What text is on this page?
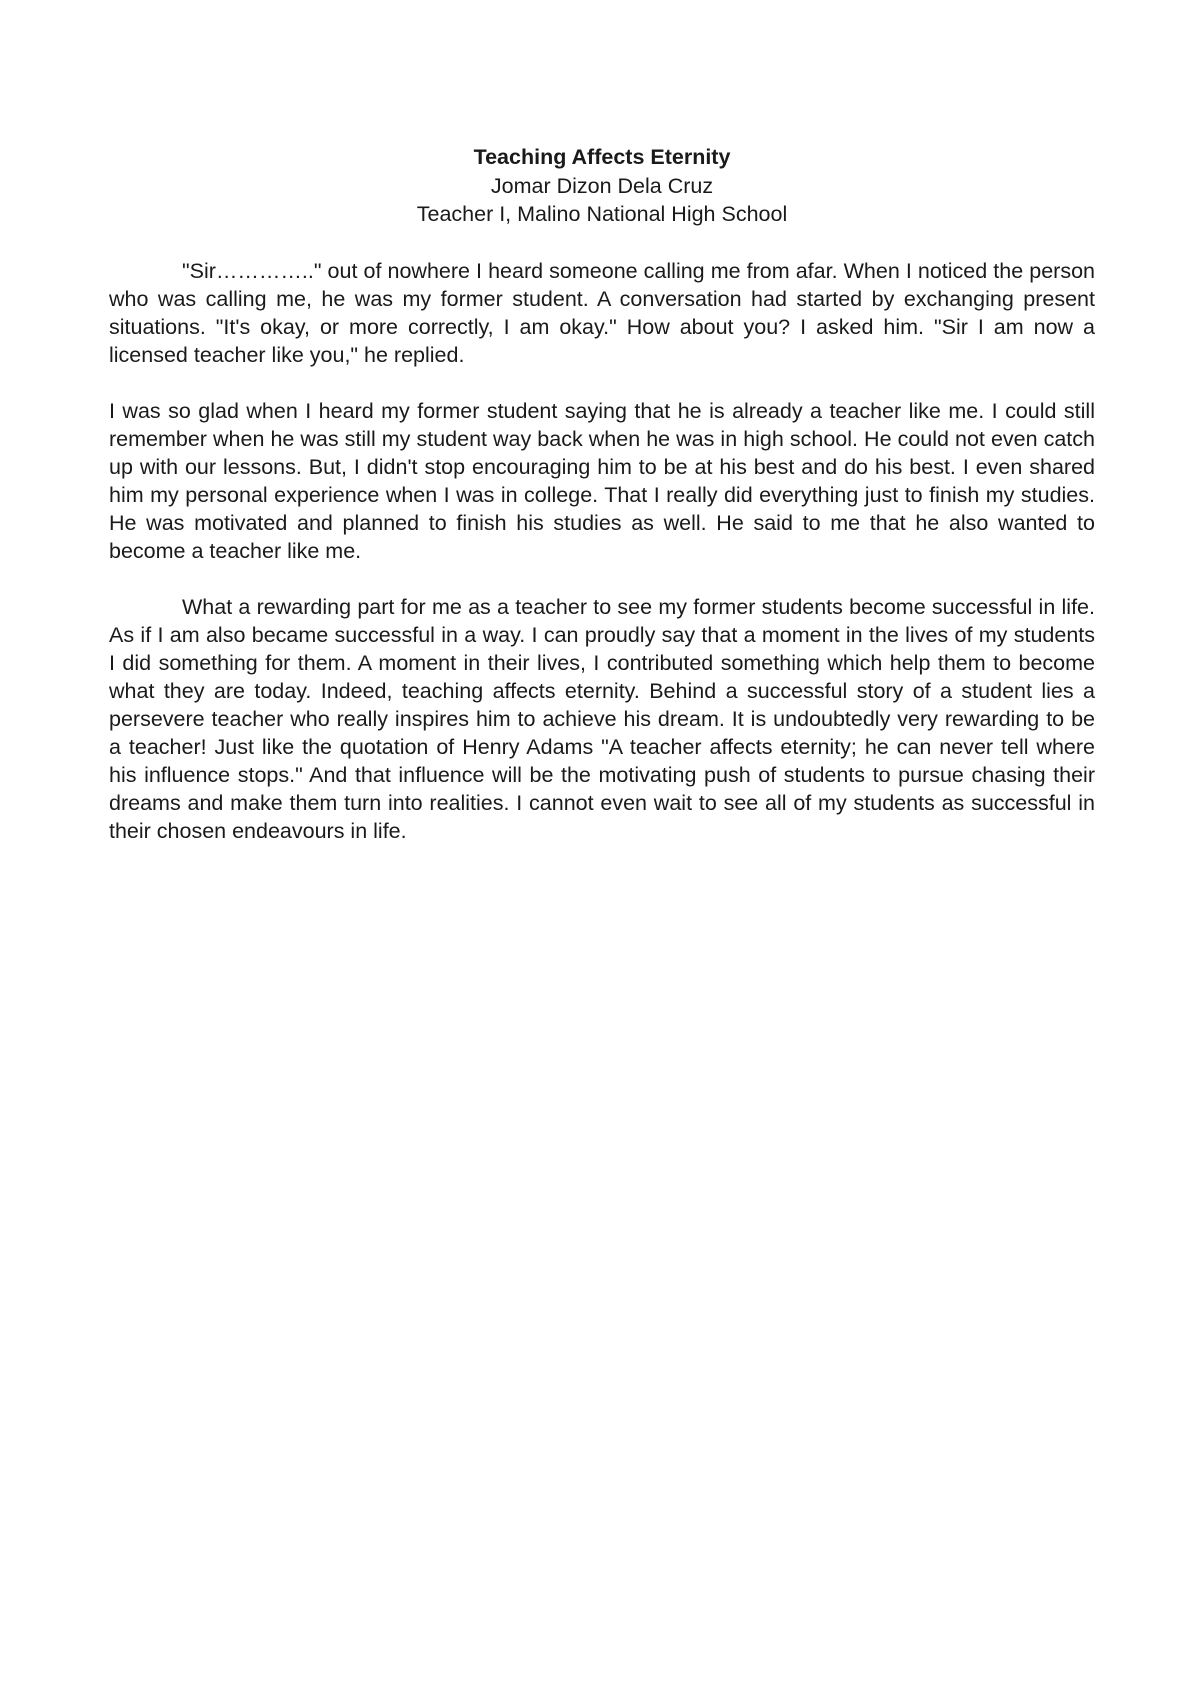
Teaching Affects Eternity
Jomar Dizon Dela Cruz
Teacher I, Malino National High School

"Sir………….." out of nowhere I heard someone calling me from afar. When I noticed the person who was calling me, he was my former student. A conversation had started by exchanging present situations. "It's okay, or more correctly, I am okay." How about you? I asked him. "Sir I am now a licensed teacher like you," he replied.

I was so glad when I heard my former student saying that he is already a teacher like me. I could still remember when he was still my student way back when he was in high school. He could not even catch up with our lessons. But, I didn't stop encouraging him to be at his best and do his best. I even shared him my personal experience when I was in college. That I really did everything just to finish my studies. He was motivated and planned to finish his studies as well. He said to me that he also wanted to become a teacher like me.

What a rewarding part for me as a teacher to see my former students become successful in life. As if I am also became successful in a way. I can proudly say that a moment in the lives of my students I did something for them. A moment in their lives, I contributed something which help them to become what they are today. Indeed, teaching affects eternity. Behind a successful story of a student lies a persevere teacher who really inspires him to achieve his dream. It is undoubtedly very rewarding to be a teacher! Just like the quotation of Henry Adams "A teacher affects eternity; he can never tell where his influence stops." And that influence will be the motivating push of students to pursue chasing their dreams and make them turn into realities. I cannot even wait to see all of my students as successful in their chosen endeavours in life.
